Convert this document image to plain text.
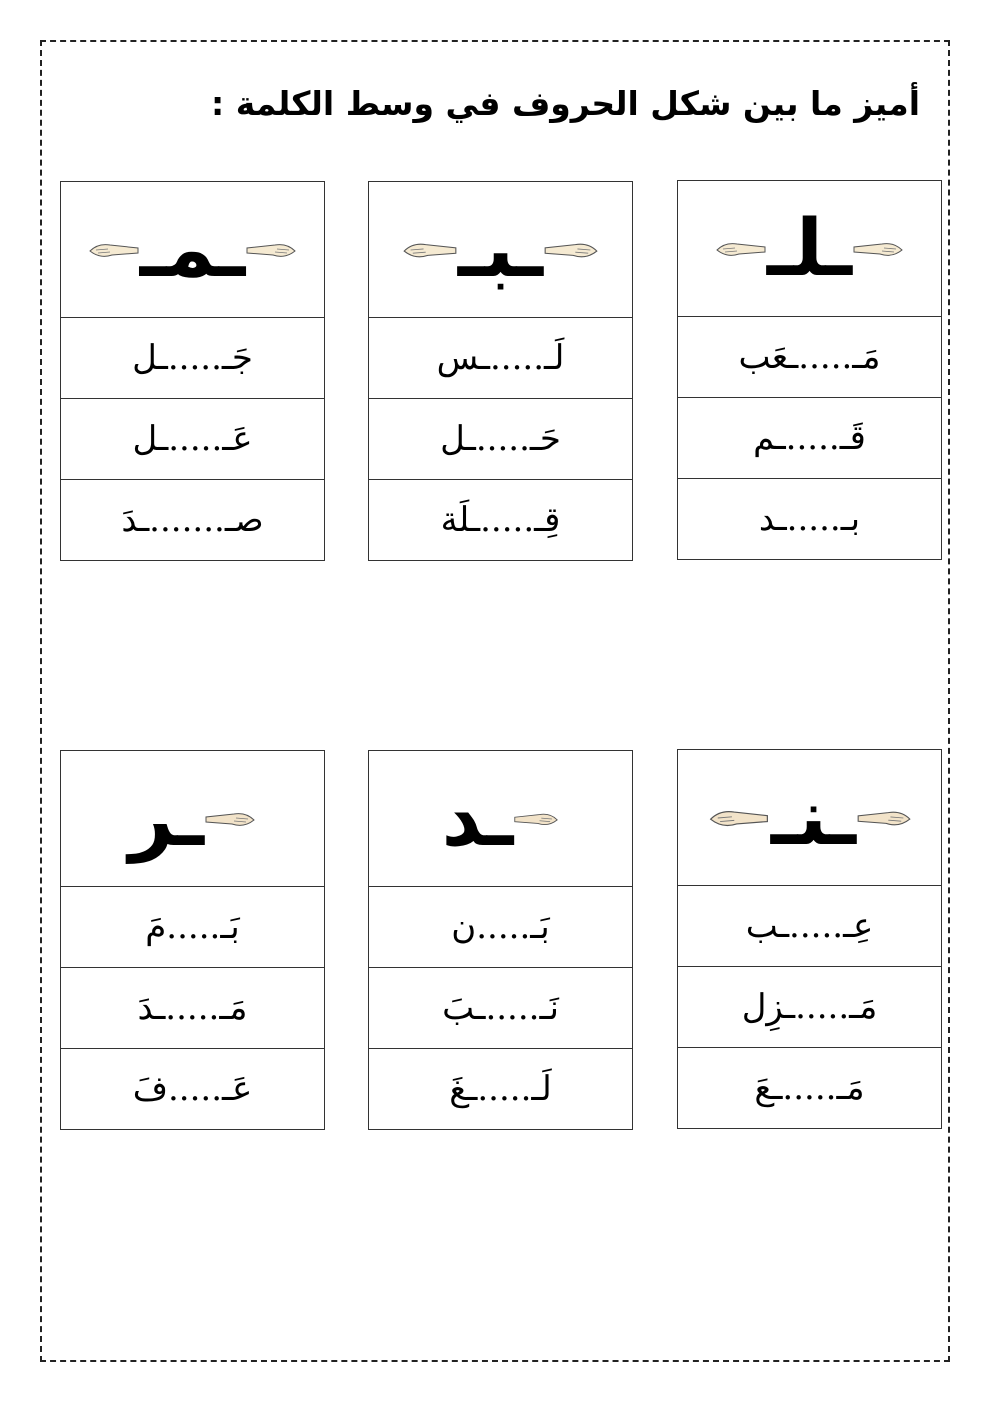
أميز ما بين شكل الحروف في وسط الكلمة :
ـمـ
جَـ.....ـل
عَـ.....ـل
صـ.......ـدَ
ـبـ
لَـ.....ـس
حَـ.....ـل
قِـ.....ـلَة
ـلـ
مَـ.....ـعَب
قَـ.....ـم
بـ.....ـد
ـر
بَـ.....مَ
مَـ.....ـدَ
عَـ.....فَ
ـد
بَـ.....ن
نَـ.....ـبَ
لَـ.....ـغَ
ـنـ
عِـ.....ـب
مَـ.....ـزِل
مَـ.....ـعَ
